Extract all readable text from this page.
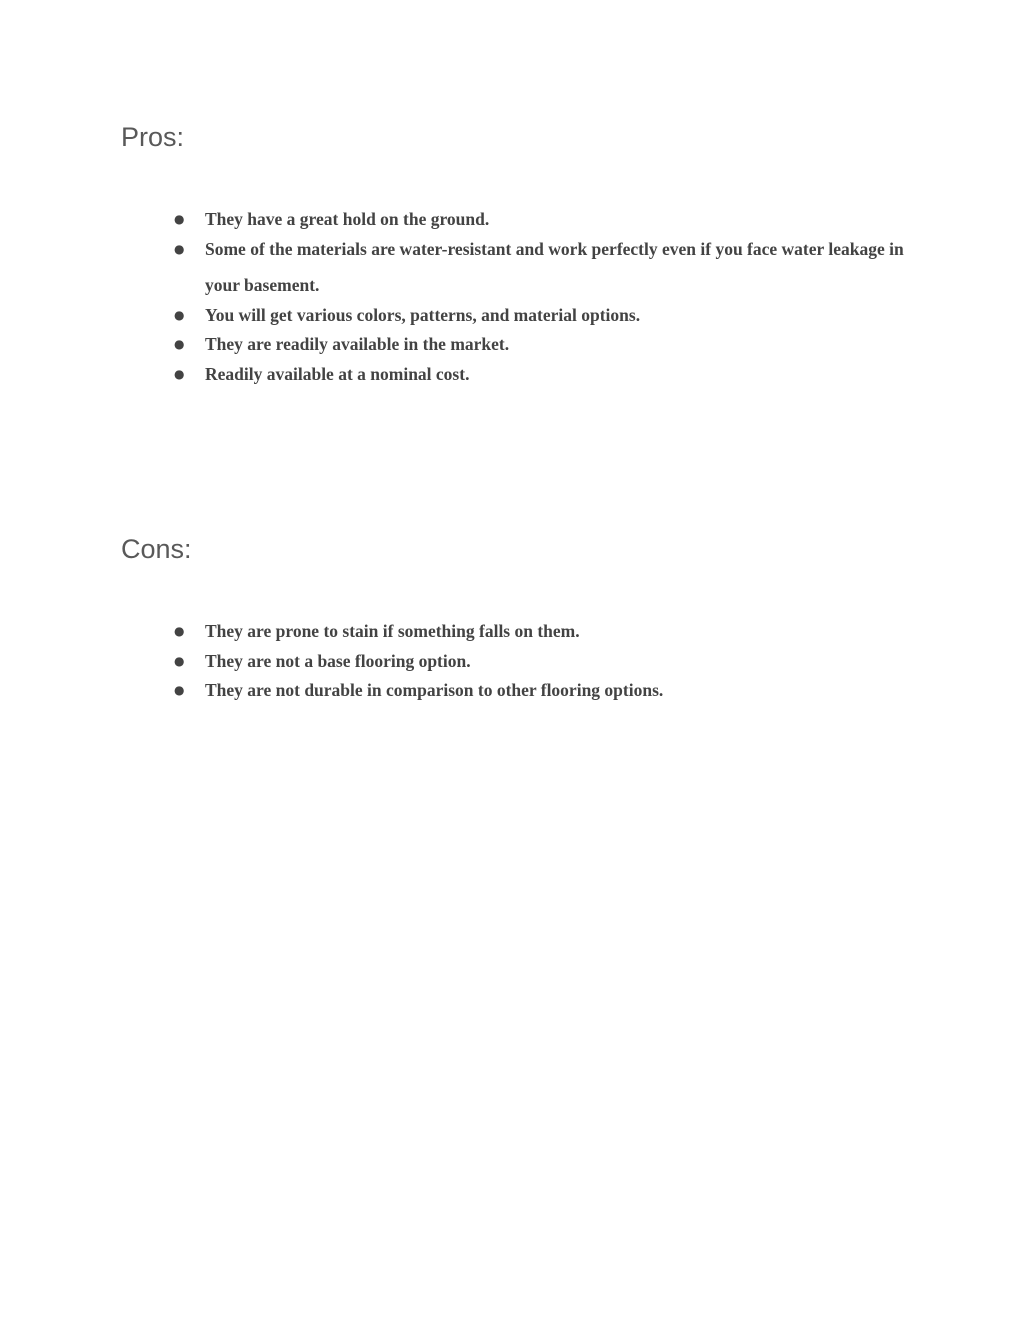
Pros:
● They have a great hold on the ground.
● Some of the materials are water-resistant and work perfectly even if you face water leakage in your basement.
● You will get various colors, patterns, and material options.
● They are readily available in the market.
● Readily available at a nominal cost.
Cons:
● They are prone to stain if something falls on them.
● They are not a base flooring option.
● They are not durable in comparison to other flooring options.
